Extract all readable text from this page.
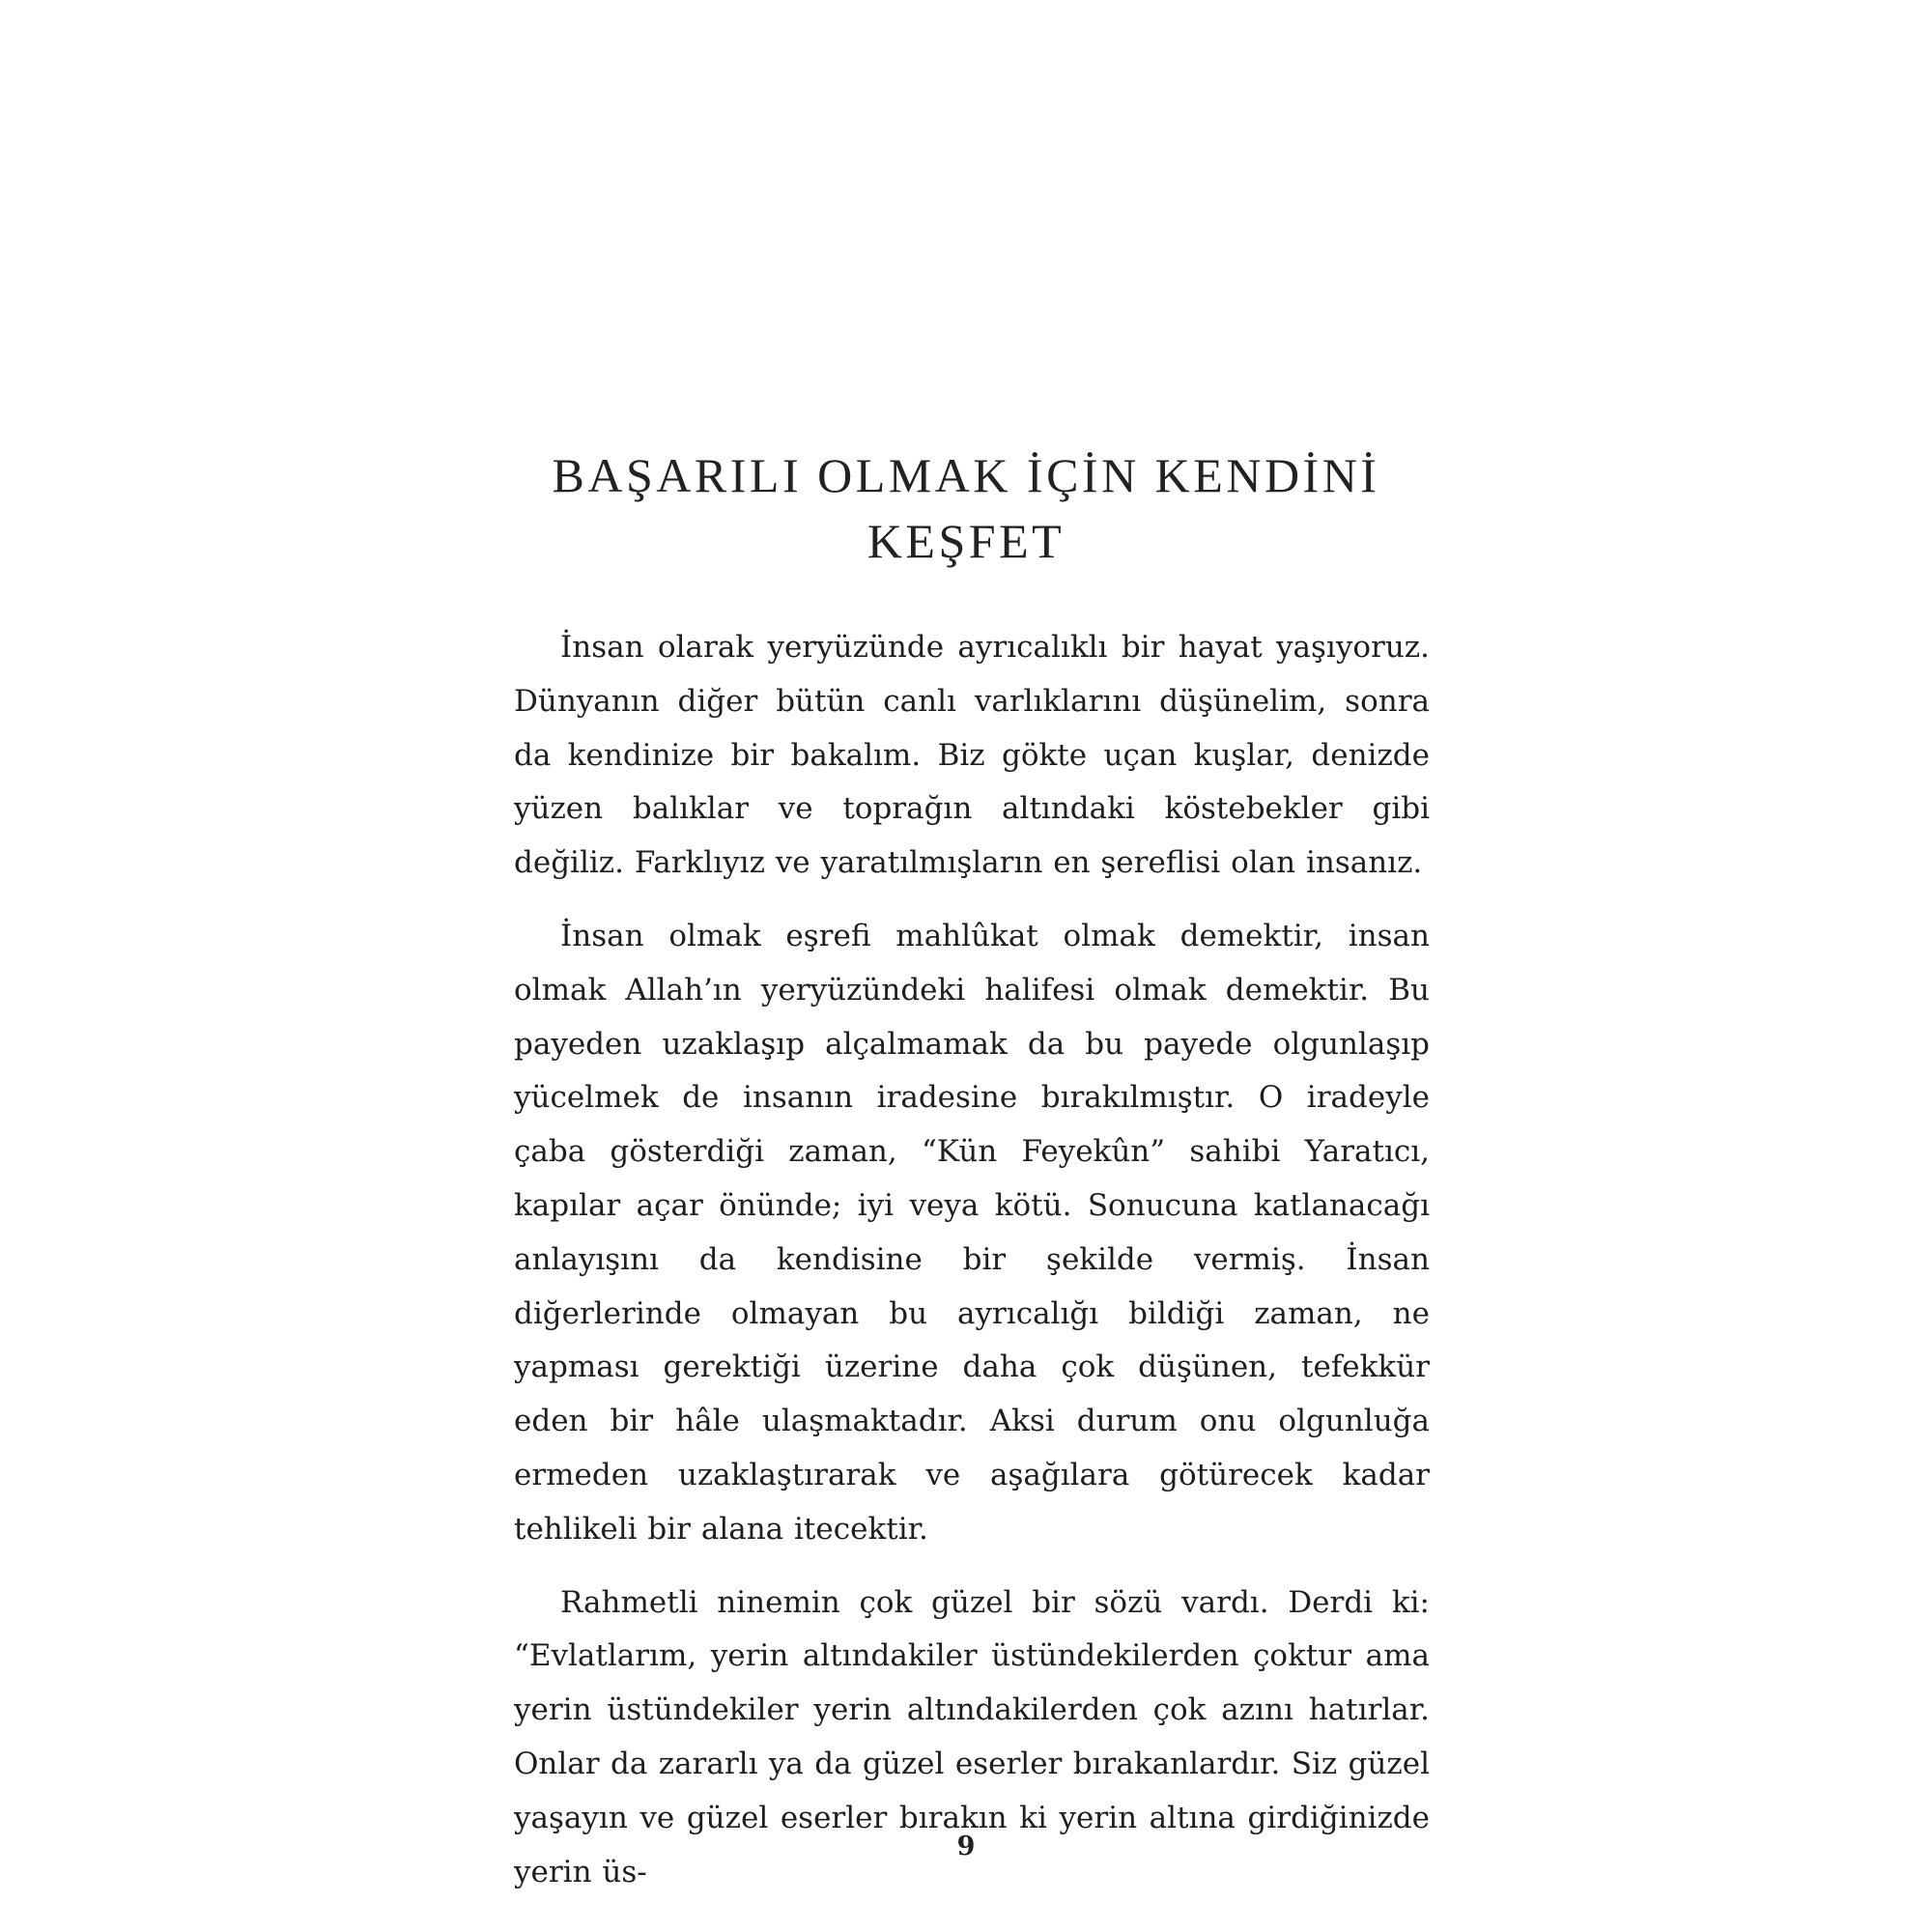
BAŞARILI OLMAK İÇİN KENDİNİ
KEŞFET

İnsan olarak yeryüzünde ayrıcalıklı bir hayat yaşıyoruz. Dünyanın diğer bütün canlı varlıklarını düşünelim, sonra da kendinize bir bakalım. Biz gökte uçan kuşlar, denizde yüzen balıklar ve toprağın altındaki köstebekler gibi değiliz. Farklıyız ve yaratılmışların en şereflisi olan insanız.

İnsan olmak eşrefi mahlûkat olmak demektir, insan olmak Allah’ın yeryüzündeki halifesi olmak demektir. Bu payeden uzaklaşıp alçalmamak da bu payede olgunlaşıp yücelmek de insanın iradesine bırakılmıştır. O iradeyle çaba gösterdiği zaman, “Kün Feyekûn” sahibi Yaratıcı, kapılar açar önünde; iyi veya kötü. Sonucuna katlanacağı anlayışını da kendisine bir şekilde vermiş. İnsan diğerlerinde olmayan bu ayrıcalığı bildiği zaman, ne yapması gerektiği üzerine daha çok düşünen, tefekkür eden bir hâle ulaşmaktadır. Aksi durum onu olgunluğa ermeden uzaklaştırarak ve aşağılara götürecek kadar tehlikeli bir alana itecektir.

Rahmetli ninemin çok güzel bir sözü vardı. Derdi ki: “Evlatlarım, yerin altındakiler üstündekilerden çoktur ama yerin üstündekiler yerin altındakilerden çok azını hatırlar. Onlar da zararlı ya da güzel eserler bırakanlardır. Siz güzel yaşayın ve güzel eserler bırakın ki yerin altına girdiğinizde yerin üs-

9
